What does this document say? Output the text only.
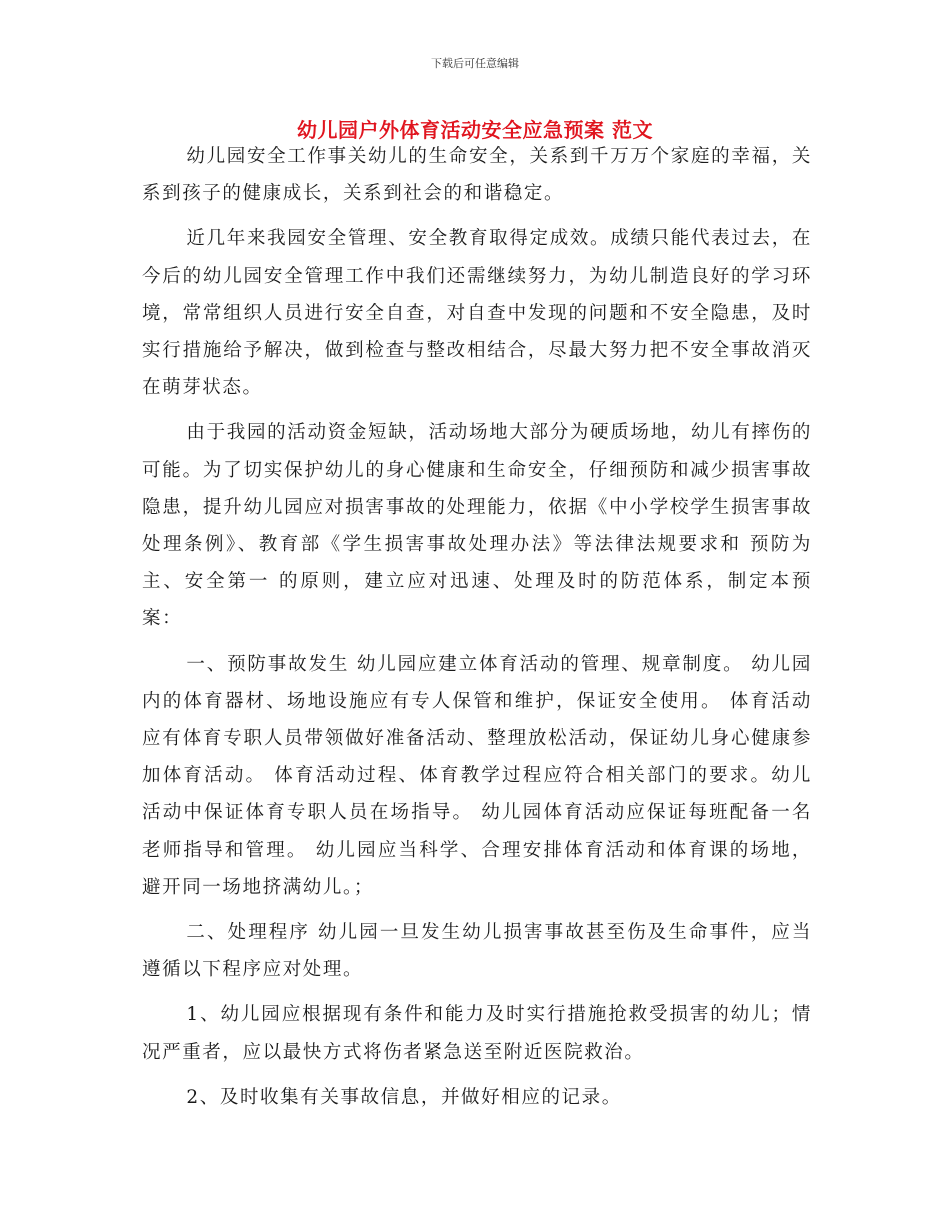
下载后可任意编辑
幼儿园户外体育活动安全应急预案 范文

幼儿园安全工作事关幼儿的生命安全，关系到千万万个家庭的幸福，关系到孩子的健康成长，关系到社会的和谐稳定。

近几年来我园安全管理、安全教育取得定成效。成绩只能代表过去，在今后的幼儿园安全管理工作中我们还需继续努力，为幼儿制造良好的学习环境，常常组织人员进行安全自查，对自查中发现的问题和不安全隐患，及时实行措施给予解决，做到检查与整改相结合，尽最大努力把不安全事故消灭在萌芽状态。

由于我园的活动资金短缺，活动场地大部分为硬质场地，幼儿有摔伤的可能。为了切实保护幼儿的身心健康和生命安全，仔细预防和减少损害事故隐患，提升幼儿园应对损害事故的处理能力，依据《中小学校学生损害事故处理条例》、教育部《学生损害事故处理办法》等法律法规要求和 预防为主、安全第一 的原则，建立应对迅速、处理及时的防范体系，制定本预案：

一、预防事故发生 幼儿园应建立体育活动的管理、规章制度。 幼儿园内的体育器材、场地设施应有专人保管和维护，保证安全使用。 体育活动应有体育专职人员带领做好准备活动、整理放松活动，保证幼儿身心健康参加体育活动。 体育活动过程、体育教学过程应符合相关部门的要求。幼儿活动中保证体育专职人员在场指导。 幼儿园体育活动应保证每班配备一名老师指导和管理。 幼儿园应当科学、合理安排体育活动和体育课的场地，避开同一场地挤满幼儿。；

二、处理程序 幼儿园一旦发生幼儿损害事故甚至伤及生命事件，应当遵循以下程序应对处理。

1、幼儿园应根据现有条件和能力及时实行措施抢救受损害的幼儿；情况严重者，应以最快方式将伤者紧急送至附近医院救治。

2、及时收集有关事故信息，并做好相应的记录。
